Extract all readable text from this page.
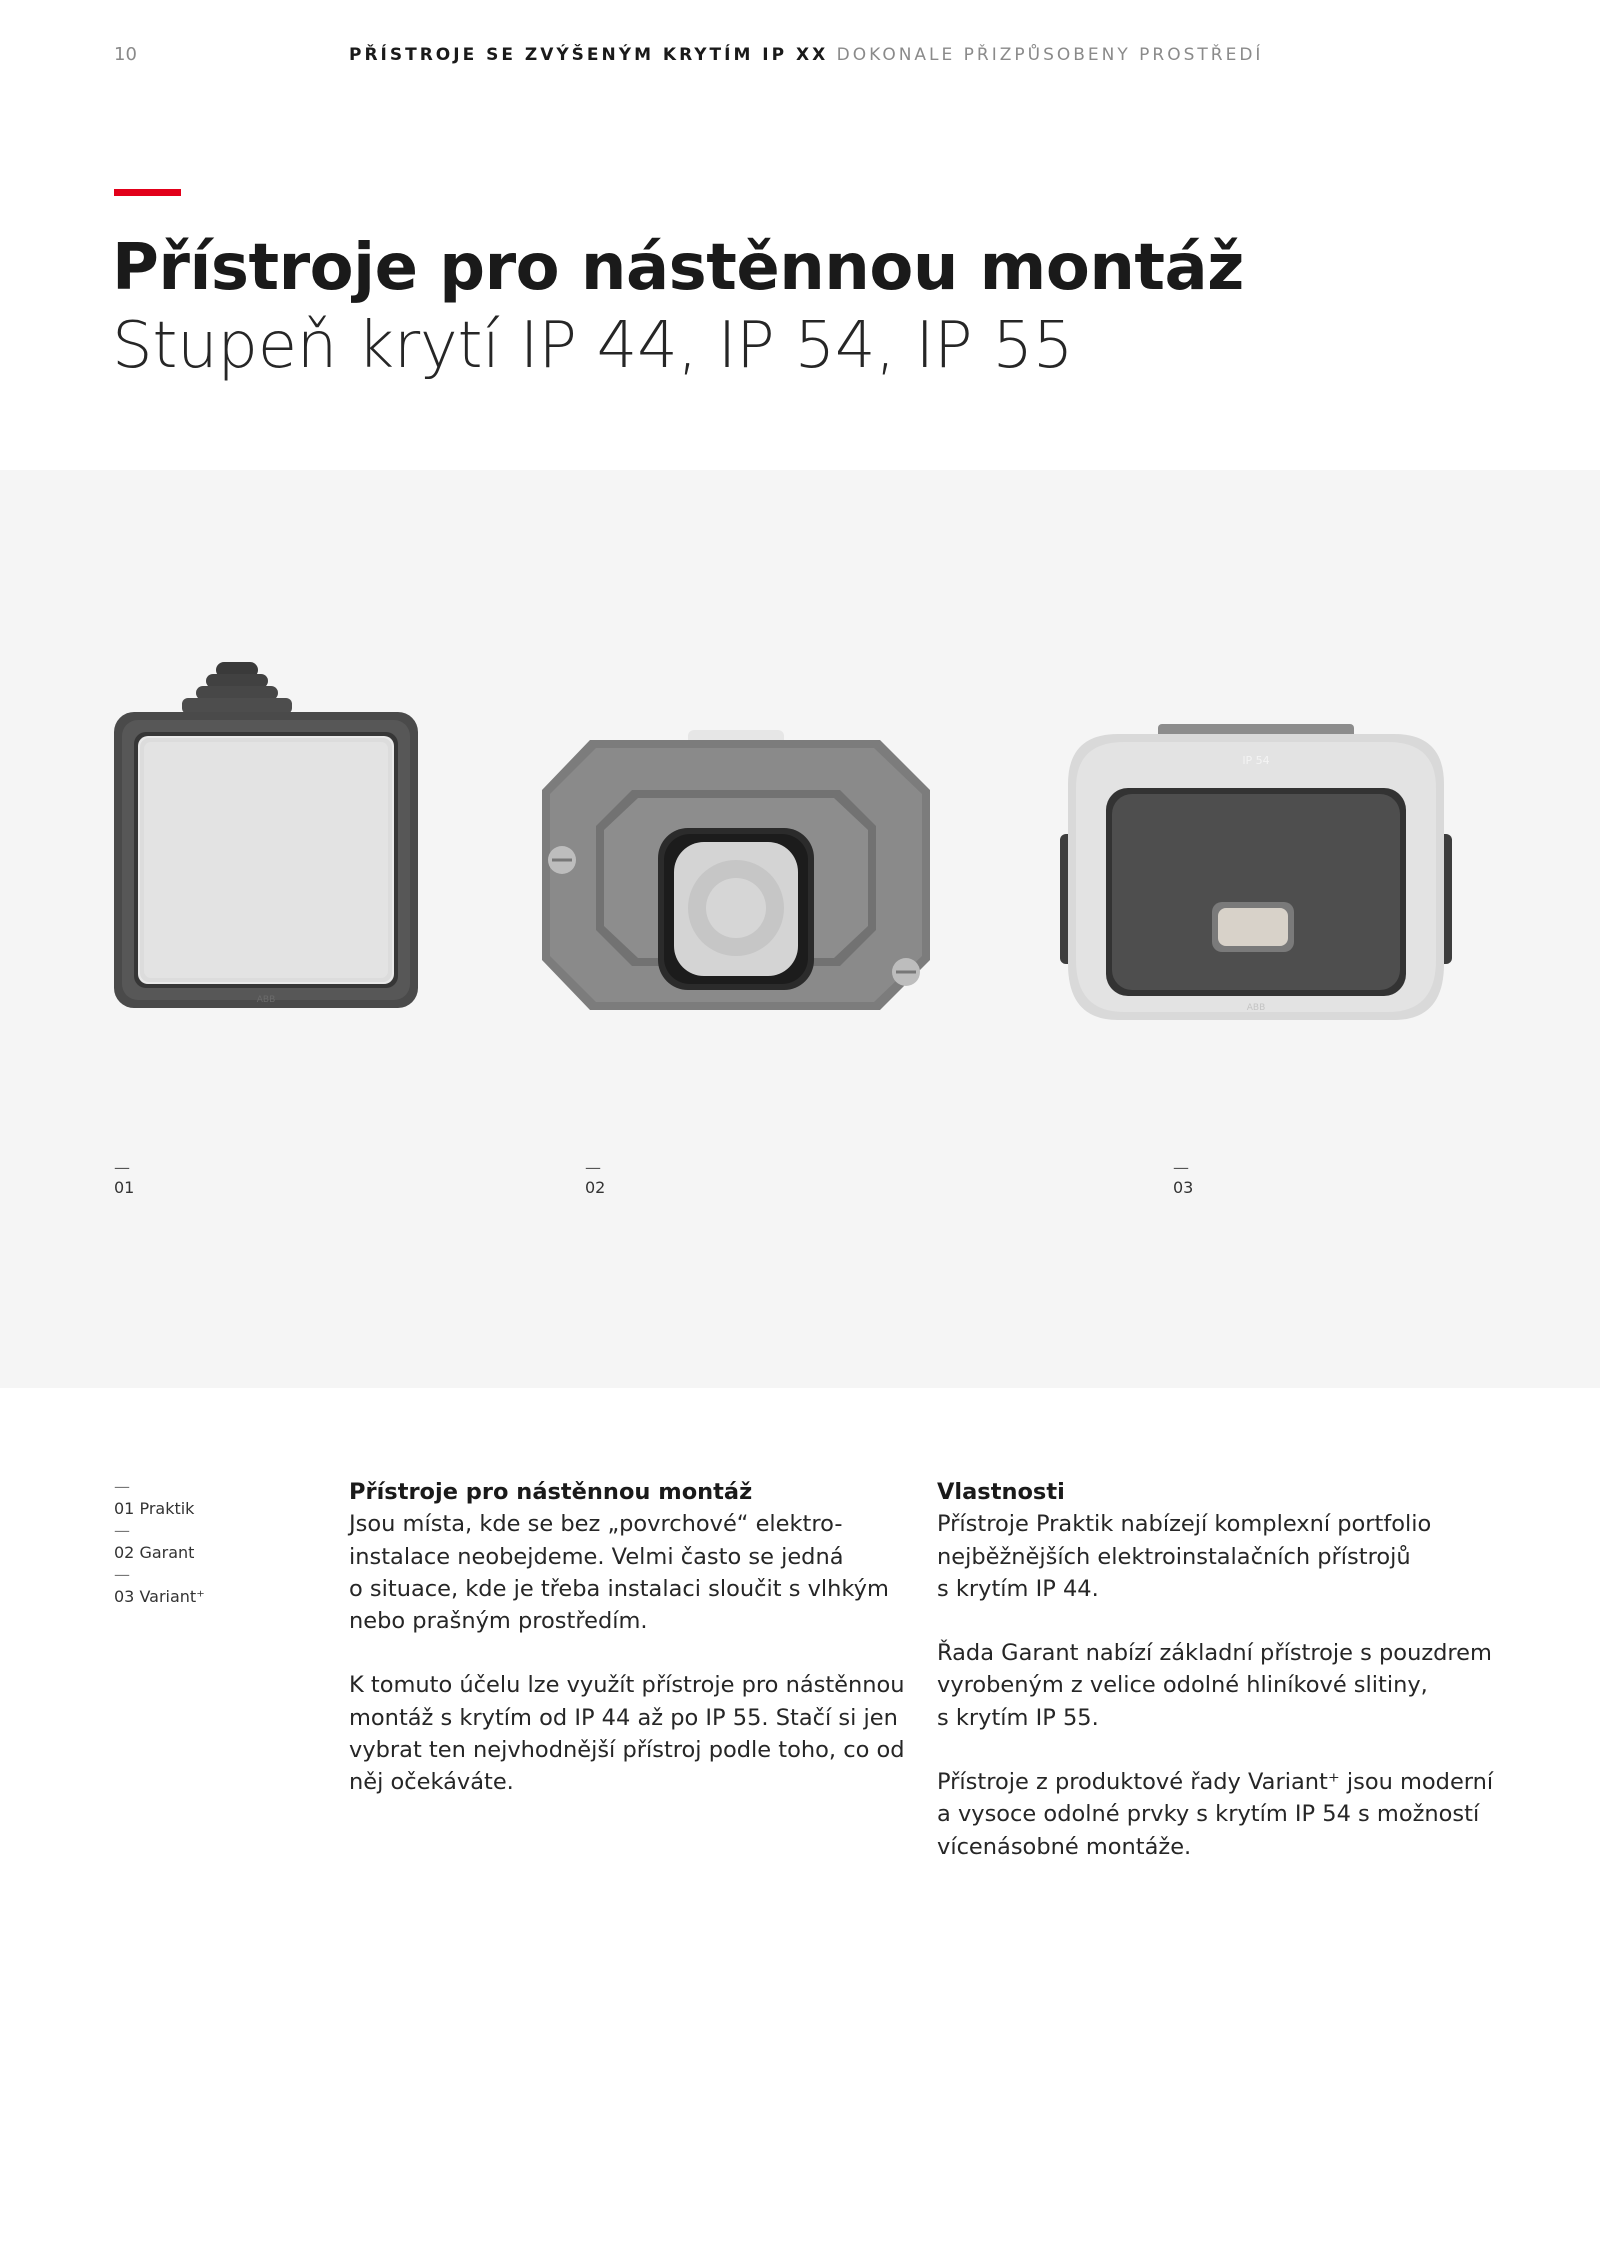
10	PŘÍSTROJE SE ZVÝŠENÝM KRYTÍM IP XX DOKONALE PŘIZPŮSOBENY PROSTŘEDÍ
Přístroje pro nástěnnou montáž
Stupeň krytí IP 44, IP 54, IP 55
ABB
IP 54
ABB
—
01
—
02
—
03
—
01 Praktik
—
02 Garant
—
03 Variant⁺
Přístroje pro nástěnnou montáž

Jsou místa, kde se bez „povrchové“ elektro-
instalace neobejdeme. Velmi často se jedná
o situace, kde je třeba instalaci sloučit s vlhkým
nebo prašným prostředím.

K tomuto účelu lze využít přístroje pro nástěnnou
montáž s krytím od IP 44 až po IP 55. Stačí si jen
vybrat ten nejvhodnější přístroj podle toho, co od
něj očekáváte.

Vlastnosti

Přístroje Praktik nabízejí komplexní portfolio
nejběžnějších elektroinstalačních přístrojů
s krytím IP 44.

Řada Garant nabízí základní přístroje s pouzdrem
vyrobeným z velice odolné hliníkové slitiny,
s krytím IP 55.

Přístroje z produktové řady Variant⁺ jsou moderní
a vysoce odolné prvky s krytím IP 54 s možností
vícenásobné montáže.
